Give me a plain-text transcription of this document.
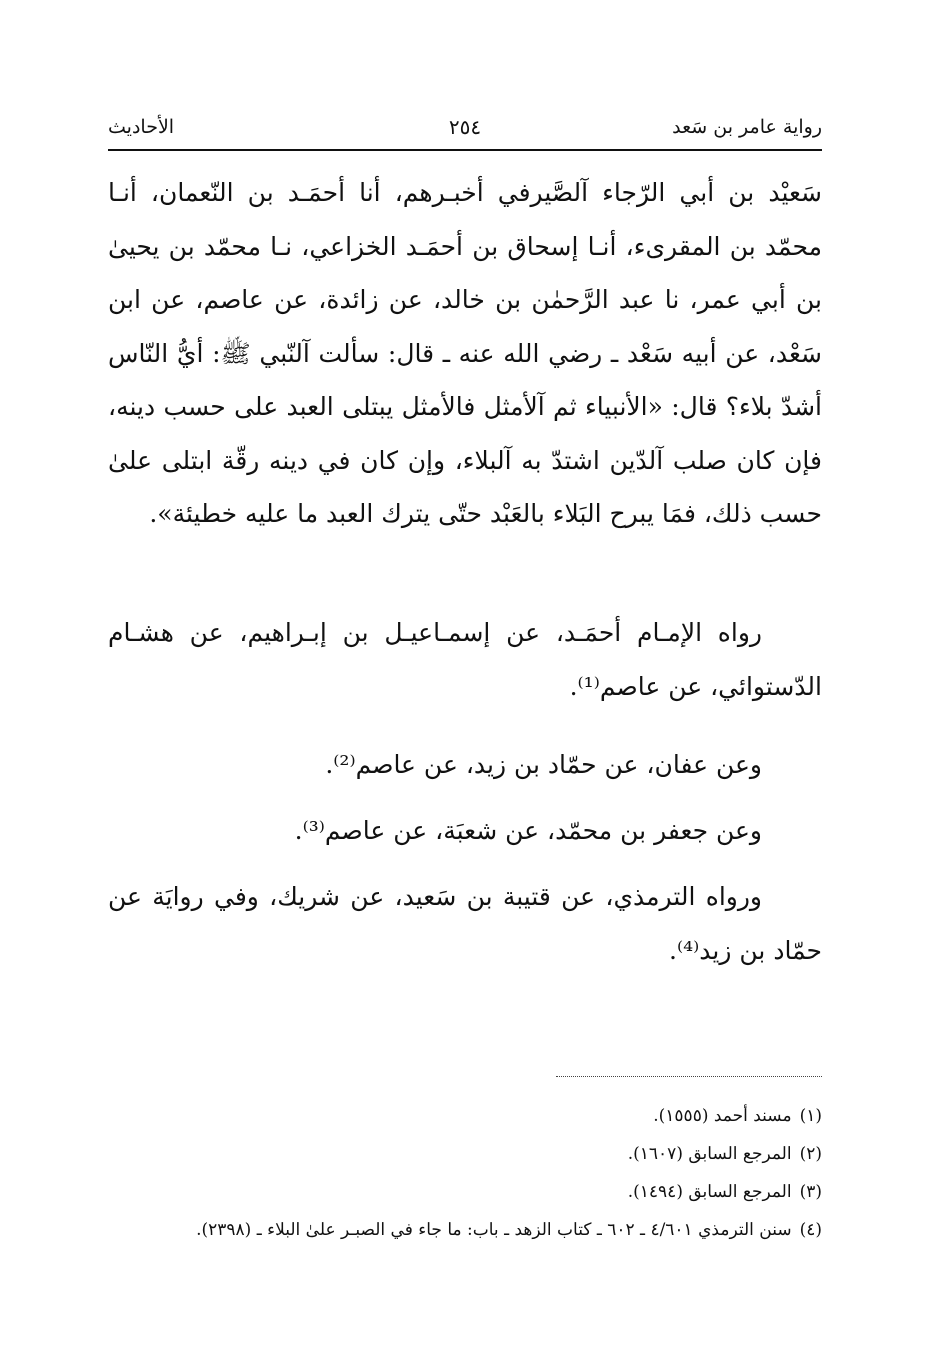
رواية عامر بن سَعد
٢٥٤
الأحاديث

سَعيْد بن أبي الرّجاء آلصَّيرفي أخبـرهم، أنا أحمَـد بن النّعمان، أنـا محمّد بن المقرىء، أنـا إسحاق بن أحمَـد الخزاعي، نـا محمّد بن يحيىٰ بن أبي عمر، نا عبد الرَّحمٰن بن خالد، عن زائدة، عن عاصم، عن ابن سَعْد، عن أبيه سَعْد ـ رضي الله عنه ـ قال: سألت آلنّبي ﷺ: أيُّ النّاس أشدّ بلاء؟ قال: «الأنبياء ثم آلأمثل فالأمثل يبتلى العبد على حسب دينه، فإن كان صلب آلدّين اشتدّ به آلبلاء، وإن كان في دينه رقّة ابتلى علىٰ حسب ذلك، فمَا يبرح البَلاء بالعَبْد حتّى يترك العبد ما عليه خطيئة».

رواه الإمـام أحمَـد، عن إسمـاعيـل بن إبـراهيم، عن هشـام الدّستوائي، عن عاصم⁽¹⁾.

وعن عفان، عن حمّاد بن زيد، عن عاصم⁽²⁾.

وعن جعفر بن محمّد، عن شعبَة، عن عاصم⁽³⁾.

ورواه الترمذي، عن قتيبة بن سَعيد، عن شريك، وفي روايَة عن حمّاد بن زيد⁽⁴⁾.

(١)مسند أحمد (١٥٥٥).

(٢)المرجع السابق (١٦٠٧).

(٣)المرجع السابق (١٤٩٤).

(٤)سنن الترمذي ٤/٦٠١ ـ ٦٠٢ ـ كتاب الزهد ـ باب: ما جاء في الصبـر علىٰ البلاء ـ (٢٣٩٨).
